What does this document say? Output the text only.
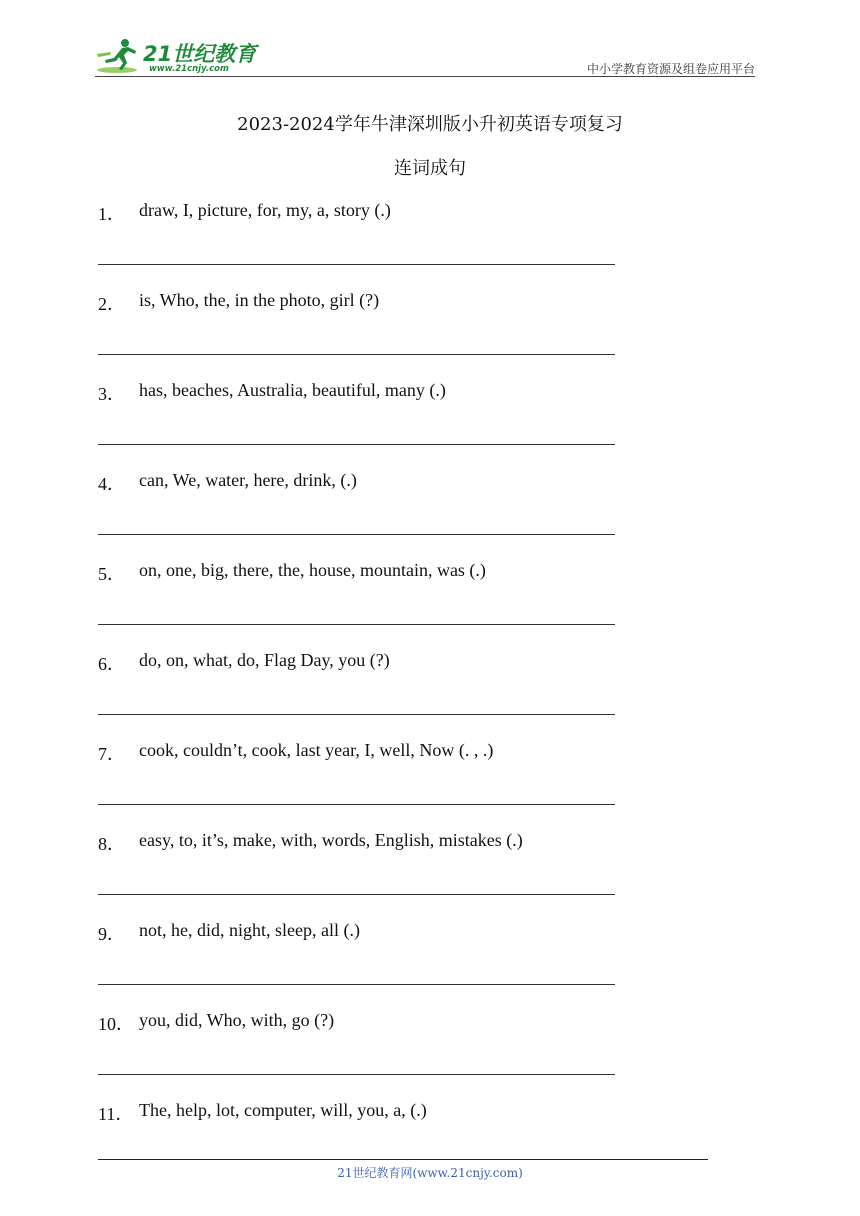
21世纪教育
www.21cnjy.com	中小学教育资源及组卷应用平台
2023-2024学年牛津深圳版小升初英语专项复习
连词成句
1． draw, I, picture, for, my, a, story (.)
2． is, Who, the, in the photo, girl (?)
3． has, beaches, Australia, beautiful, many (.)
4． can, We, water, here, drink, (.)
5． on, one, big, there, the, house, mountain, was (.)
6． do, on, what, do, Flag Day, you (?)
7． cook, couldn’t, cook, last year, I, well, Now (. , .)
8． easy, to, it’s, make, with, words, English, mistakes (.)
9． not, he, did, night, sleep, all (.)
10． you, did, Who, with, go (?)
11． The, help, lot, computer, will, you, a, (.)
21世纪教育网(www.21cnjy.com)
